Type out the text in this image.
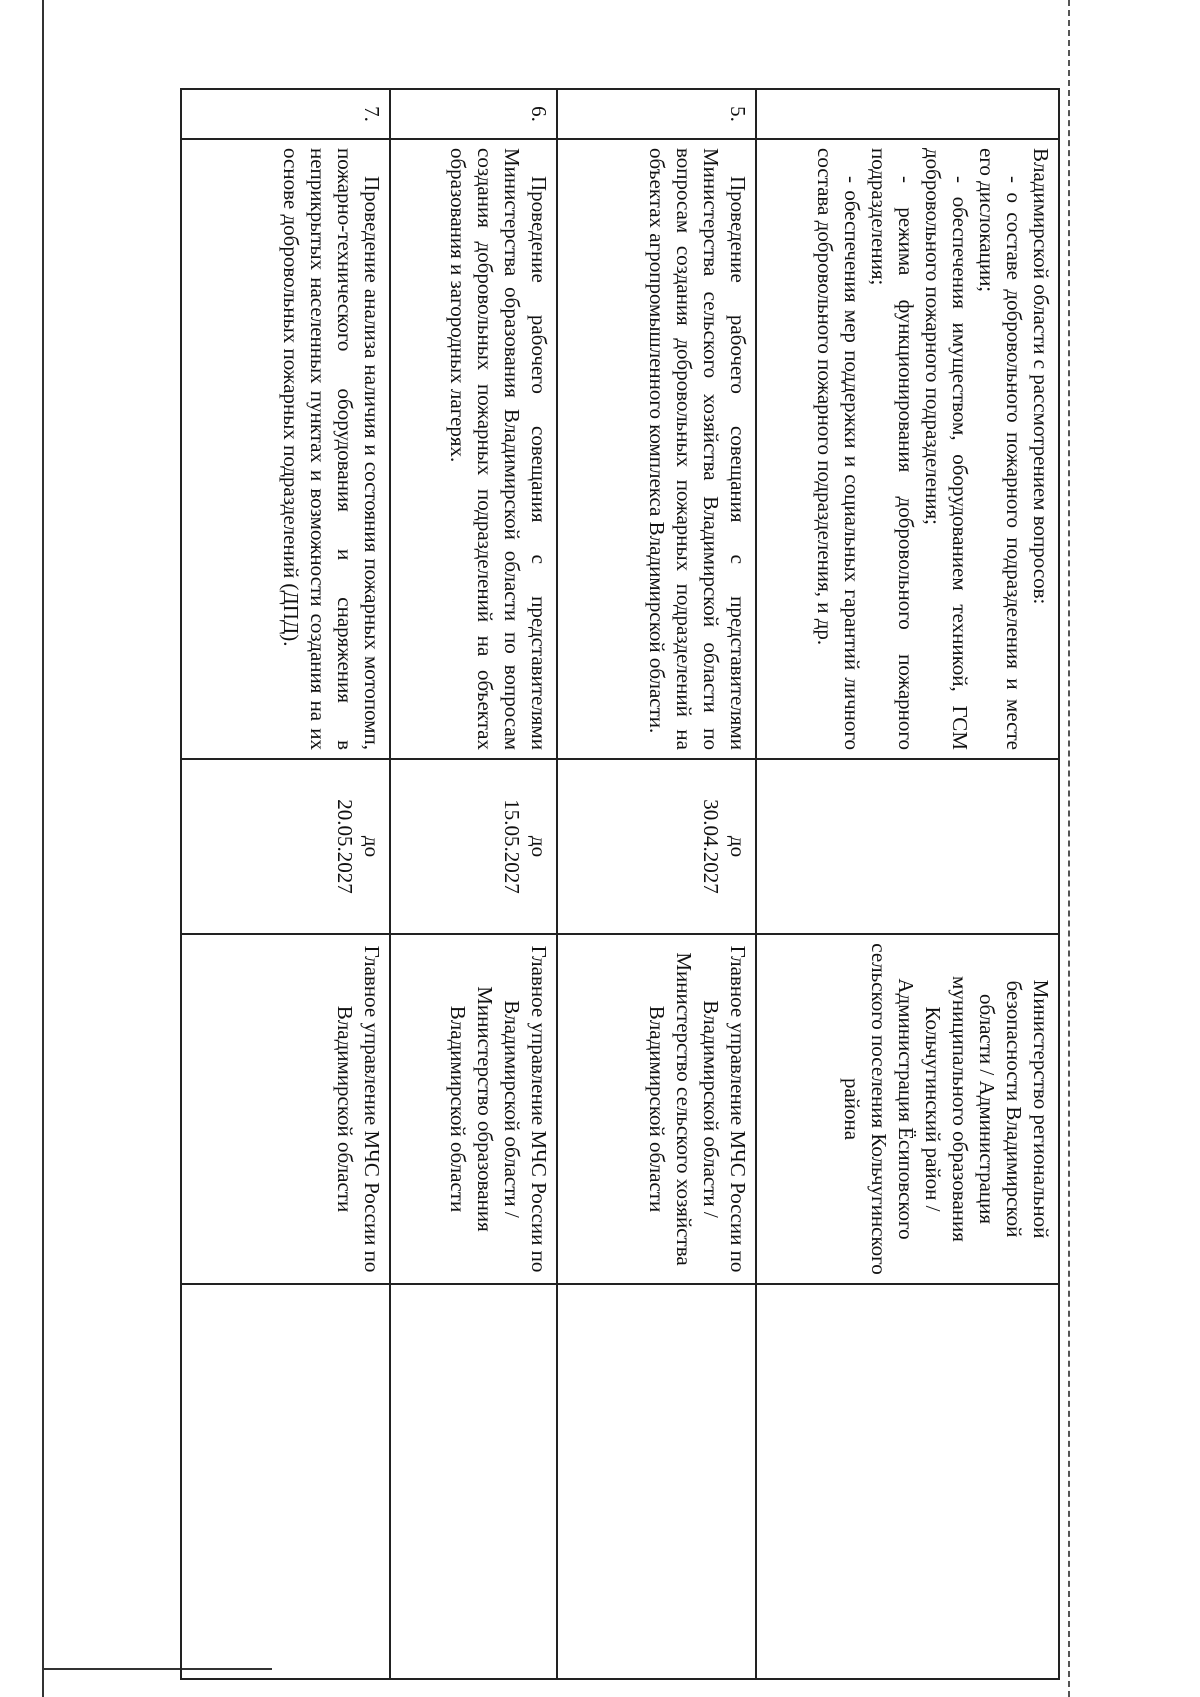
	Владимирской области с рассмотрением вопросов:

- о составе добровольного пожарного подразделения и месте его дислокации;

- обеспечения имуществом, оборудованием техникой, ГСМ добровольного пожарного подразделения;

- режима функционирования добровольного пожарного подразделения;

- обеспечения мер поддержки и социальных гарантий личного состава добровольного пожарного подразделения, и др.		Министерство региональной безопасности Владимирской области / Администрация муниципального образования Кольчугинский район / Администрация Ёсиповского сельского поселения Кольчугинского района	
5.	Проведение рабочего совещания с представителями Министерства сельского хозяйства Владимирской области по вопросам создания добровольных пожарных подразделений на объектах агропромышленного комплекса Владимирской области.	до
30.04.2027	Главное управление МЧС России по Владимирской области / Министерство сельского хозяйства Владимирской области	
6.	Проведение рабочего совещания с представителями Министерства образования Владимирской области по вопросам создания добровольных пожарных подразделений на объектах образования и загородных лагерях.	до
15.05.2027	Главное управление МЧС России по Владимирской области / Министерство образования Владимирской области	
7.	Проведение анализа наличия и состояния пожарных мотопомп, пожарно-технического оборудования и снаряжения в неприкрытых населенных пунктах и возможности создания на их основе добровольных пожарных подразделений (ДПД).	до
20.05.2027	Главное управление МЧС России по Владимирской области	
